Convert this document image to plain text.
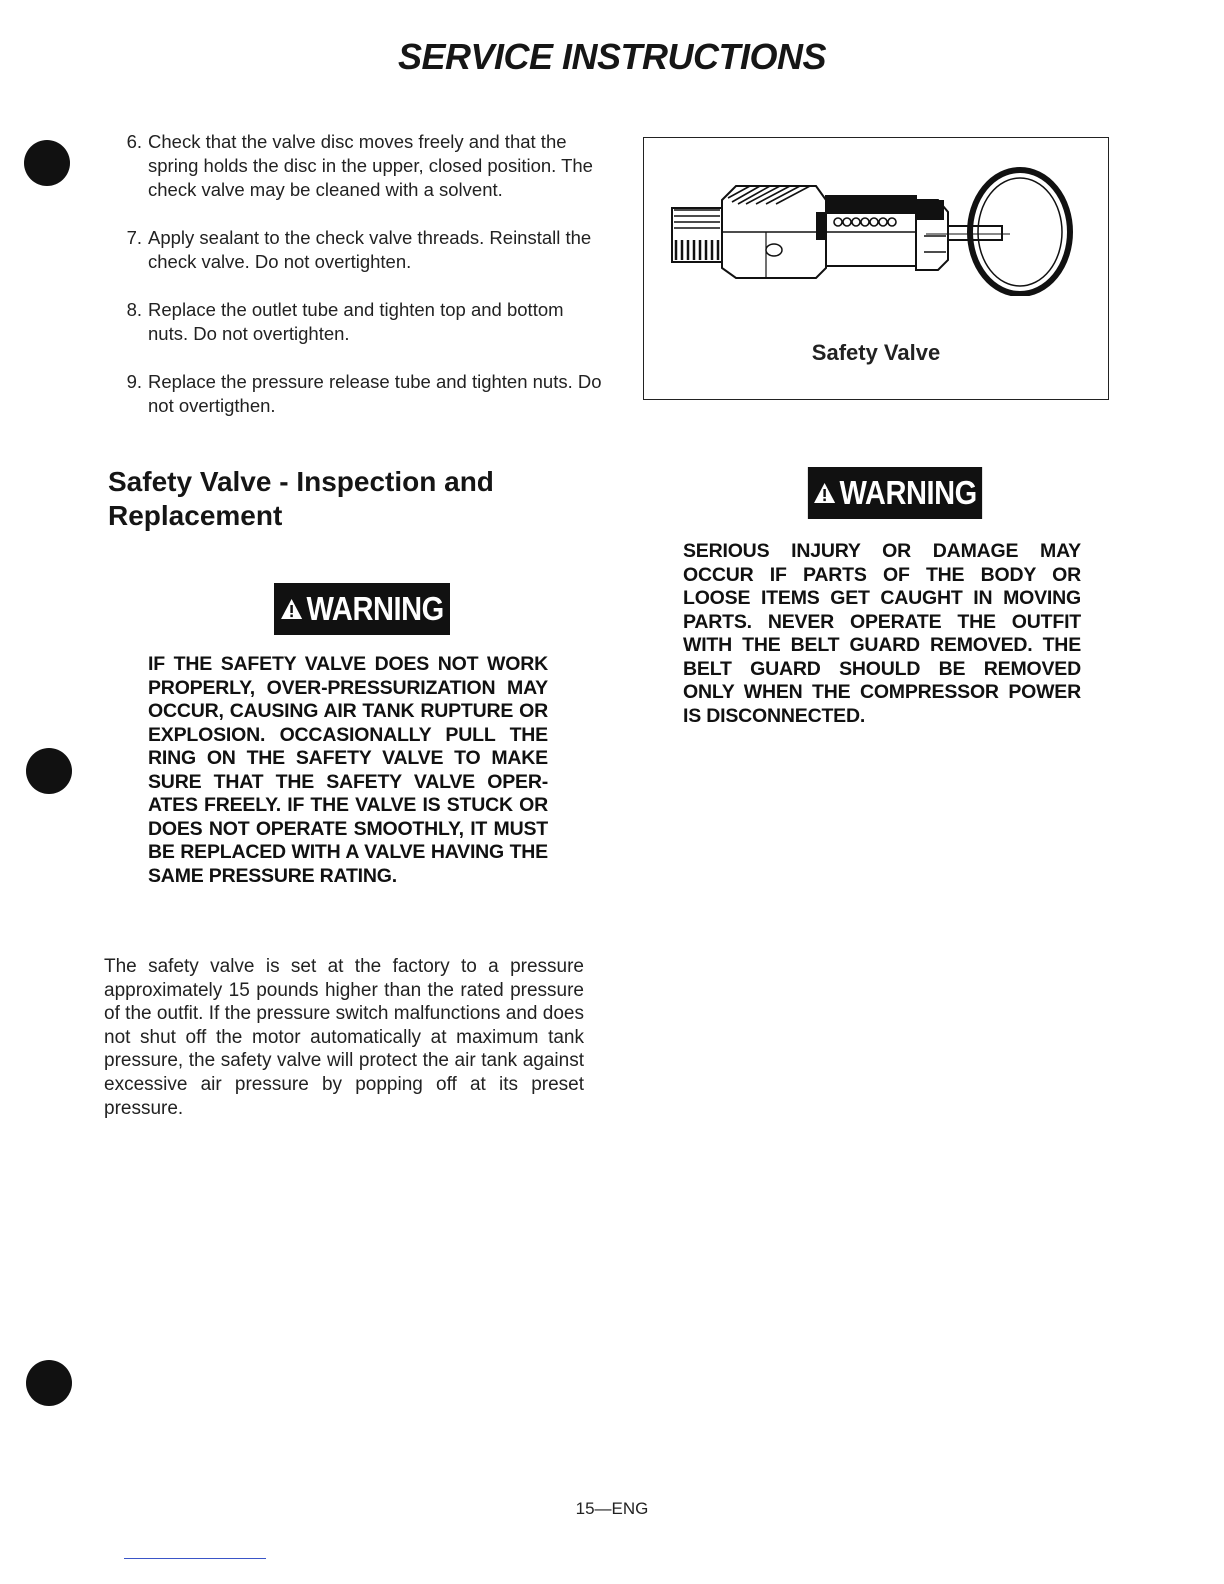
SERVICE INSTRUCTIONS
6. Check that the valve disc moves freely and that the spring holds the disc in the upper, closed position. The check valve may be cleaned with a solvent.
7. Apply sealant to the check valve threads. Reinstall the check valve. Do not overtighten.
8. Replace the outlet tube and tighten top and bottom nuts. Do not overtighten.
9. Replace the pressure release tube and tighten nuts. Do not overtigthen.
Safety Valve
Safety Valve - Inspection and Replacement
WARNING
IF THE SAFETY VALVE DOES NOT WORK PROPERLY, OVER-PRESSURIZATION MAY OCCUR, CAUSING AIR TANK RUPTURE OR EXPLOSION. OCCASIONALLY PULL THE RING ON THE SAFETY VALVE TO MAKE SURE THAT THE SAFETY VALVE OPER-ATES FREELY. IF THE VALVE IS STUCK OR DOES NOT OPERATE SMOOTHLY, IT MUST BE REPLACED WITH A VALVE HAVING THE SAME PRESSURE RATING.
WARNING
SERIOUS INJURY OR DAMAGE MAY OCCUR IF PARTS OF THE BODY OR LOOSE ITEMS GET CAUGHT IN MOVING PARTS. NEVER OPERATE THE OUTFIT WITH THE BELT GUARD REMOVED. THE BELT GUARD SHOULD BE REMOVED ONLY WHEN THE COMPRESSOR POWER IS DISCONNECTED.
The safety valve is set at the factory to a pressure approximately 15 pounds higher than the rated pressure of the outfit. If the pressure switch malfunctions and does not shut off the motor automatically at maximum tank pressure, the safety valve will protect the air tank against excessive air pressure by popping off at its preset pressure.
15—ENG
